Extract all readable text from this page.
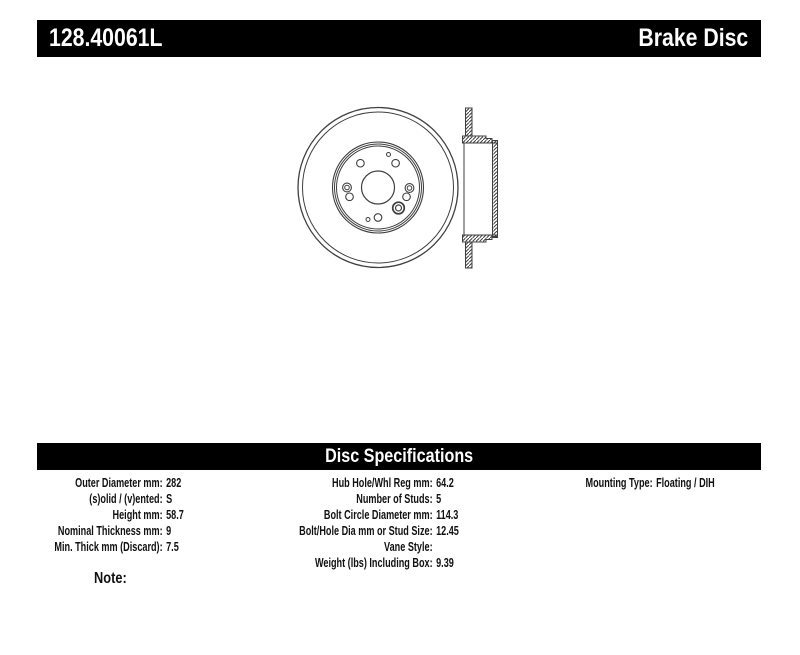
128.40061L	Brake Disc
Disc Specifications
Outer Diameter mm: 282
(s)olid / (v)ented: S
Height mm: 58.7
Nominal Thickness mm: 9
Min. Thick mm (Discard): 7.5
Hub Hole/Whl Reg mm: 64.2
Number of Studs: 5
Bolt Circle Diameter mm: 114.3
Bolt/Hole Dia mm or Stud Size: 12.45
Vane Style:
Weight (lbs) Including Box: 9.39
Mounting Type: Floating / DIH
Note:
